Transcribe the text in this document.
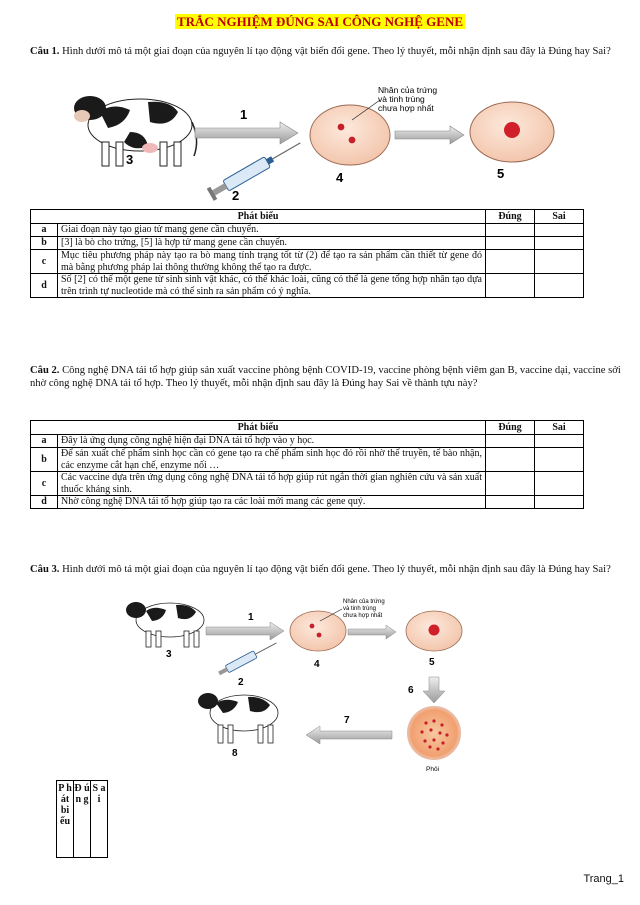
TRẮC NGHIỆM ĐÚNG SAI CÔNG NGHỆ GENE
Câu 1. Hình dưới mô tả một giai đoạn của nguyên lí tạo động vật biến đổi gene. Theo lý thuyết, mỗi nhận định sau đây là Đúng hay Sai?
3
1
2
Nhân của trứng
và tinh trùng
chưa hợp nhất
4	5
Phát biểu		Đúng	Sai
a	Giai đoạn này tạo giao tử mang gene cần chuyển.		
b	[3] là bò cho trứng, [5] là hợp tử mang gene cần chuyển.		
c	Mục tiêu phương pháp này tạo ra bò mang tính trạng tốt từ (2) để tạo ra sản phẩm cần thiết từ gene đó mà bằng phương pháp lai thông thường không thể tạo ra được.		
d	Số [2] có thể một gene từ sinh sinh vật khác, có thể khác loài, cũng có thể là gene tổng hợp nhân tạo dựa trên trình tự nucleotide mà có thể sinh ra sản phẩm có ý nghĩa.		
Câu 2. Công nghệ DNA tái tổ hợp giúp sản xuất vaccine phòng bệnh COVID-19, vaccine phòng bệnh viêm gan B, vaccine dại, vaccine sởi nhờ công nghệ DNA tái tổ hợp. Theo lý thuyết, mỗi nhận định sau đây là Đúng hay Sai về thành tựu này?
Phát biểu		Đúng	Sai
a	Đây là ứng dụng công nghệ hiện đại DNA tái tổ hợp vào y học.		
b	Để sản xuất chế phẩm sinh học cần có gene tạo ra chế phẩm sinh học đó rồi nhờ thể truyền, tế bào nhận, các enzyme cắt hạn chế, enzyme nối …		
c	Các vaccine dựa trên ứng dụng công nghệ DNA tái tổ hợp giúp rút ngắn thời gian nghiên cứu và sản xuất thuốc kháng sinh.		
d	Nhờ công nghệ DNA tái tổ hợp giúp tạo ra các loài mới mang các gene quý.		
Câu 3. Hình dưới mô tả một giai đoạn của nguyên lí tạo động vật biến đổi gene. Theo lý thuyết, mỗi nhận định sau đây là Đúng hay Sai?
3
1
2
Nhân của trứng
và tinh trùng
chưa hợp nhất
4	5
6
Phôi
7
8
P h át bi ểu	Đ ú n g	S a i
Trang_1
